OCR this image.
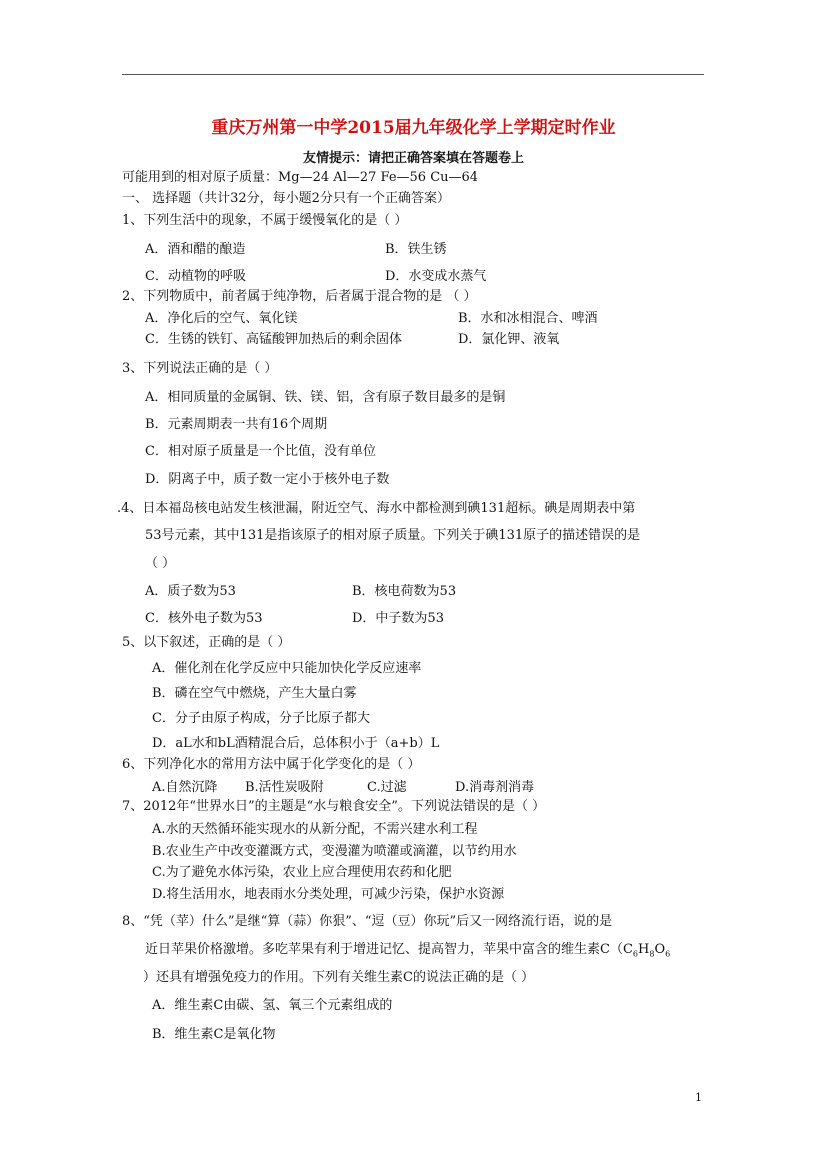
重庆万州第一中学2015届九年级化学上学期定时作业
友情提示：请把正确答案填在答题卷上
可能用到的相对原子质量：Mg—24 Al—27 Fe—56 Cu—64
一、 选择题（共计32分，每小题2分只有一个正确答案）
1、下列生活中的现象，不属于缓慢氧化的是（ ）
A．酒和醋的酿造	B．铁生锈
C．动植物的呼吸	D．水变成水蒸气
2、下列物质中，前者属于纯净物，后者属于混合物的是 （ ）
A．净化后的空气、氧化镁	B．水和冰相混合、啤酒
C．生锈的铁钉、高锰酸钾加热后的剩余固体	D．氯化钾、液氧
3、下列说法正确的是（ ）
A．相同质量的金属铜、铁、镁、铝，含有原子数目最多的是铜
B．元素周期表一共有16个周期
C．相对原子质量是一个比值，没有单位
D．阴离子中，质子数一定小于核外电子数
.4、日本福岛核电站发生核泄漏，附近空气、海水中都检测到碘131超标。碘是周期表中第
53号元素，其中131是指该原子的相对原子质量。下列关于碘131原子的描述错误的是
（ ）
A．质子数为53	B．核电荷数为53
C．核外电子数为53	D．中子数为53
5、以下叙述，正确的是（ ）
A．催化剂在化学反应中只能加快化学反应速率
B．磷在空气中燃烧，产生大量白雾
C．分子由原子构成，分子比原子都大
D．aL水和bL酒精混合后，总体积小于（a+b）L
6、下列净化水的常用方法中属于化学变化的是（ ）
A.自然沉降 B.活性炭吸附	C.过滤	D.消毒剂消毒
7、2012年“世界水日”的主题是“水与粮食安全”。下列说法错误的是（ ）
A.水的天然循环能实现水的从新分配，不需兴建水利工程
B.农业生产中改变灌溉方式，变漫灌为喷灌或滴灌，以节约用水
C.为了避免水体污染，农业上应合理使用农药和化肥
D.将生活用水，地表雨水分类处理，可减少污染，保护水资源
8、“凭（苹）什么”是继“算（蒜）你狠”、“逗（豆）你玩”后又一网络流行语，说的是
近日苹果价格激增。多吃苹果有利于增进记忆、提高智力，苹果中富含的维生素$C(C_6H_8O_6$
）还具有增强免疫力的作用。下列有关维生素C的说法正确的是（ ）
A．维生素C由碳、氢、氧三个元素组成的
B．维生素C是氧化物
1
